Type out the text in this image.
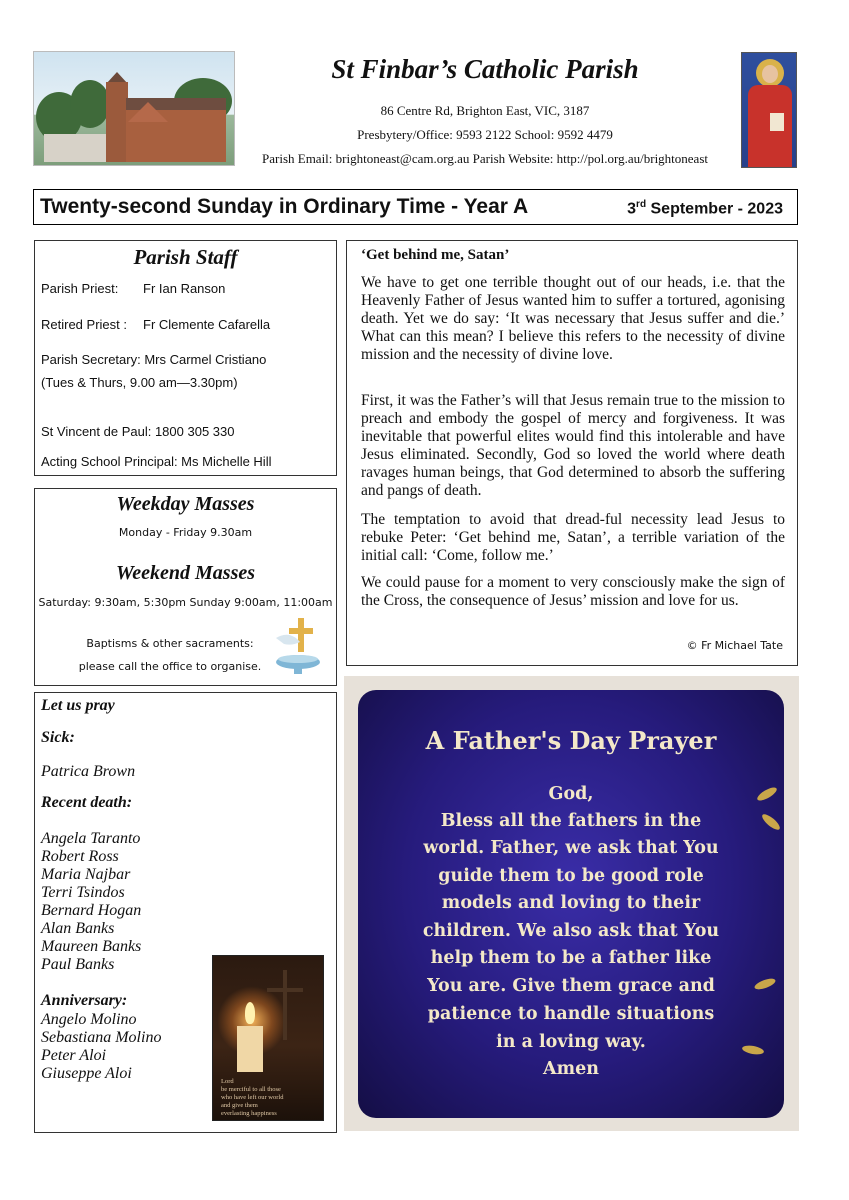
St Finbar’s Catholic Parish
86 Centre Rd, Brighton East, VIC, 3187
Presbytery/Office: 9593 2122 School: 9592 4479
Parish Email: brightoneast@cam.org.au Parish Website: http://pol.org.au/brightoneast
Twenty-second Sunday in Ordinary Time - Year A	3rd September - 2023
Parish Staff
Parish Priest: Fr Ian Ranson
Retired Priest : Fr Clemente Cafarella
Parish Secretary: Mrs Carmel Cristiano
(Tues & Thurs, 9.00 am—3.30pm)
St Vincent de Paul: 1800 305 330
Acting School Principal: Ms Michelle Hill
Weekday Masses
Monday - Friday 9.30am
Weekend Masses
Saturday: 9:30am, 5:30pm Sunday 9:00am, 11:00am
Baptisms & other sacraments:
please call the office to organise.
Let us pray
Sick:
Patrica Brown
Recent death:
Angela Taranto
Robert Ross
Maria Najbar
Terri Tsindos
Bernard Hogan
Alan Banks
Maureen Banks
Paul Banks
Anniversary:
Angelo Molino
Sebastiana Molino
Peter Aloi
Giuseppe Aloi	Lord
be merciful to all those
who have left our world
and give them
everlasting happiness
‘Get behind me, Satan’
We have to get one terrible thought out of our heads, i.e. that the Heavenly Father of Jesus wanted him to suffer a tortured, agonising death. Yet we do say: ‘It was necessary that Jesus suffer and die.’ What can this mean? I believe this refers to the necessity of divine mission and the necessity of divine love.
First, it was the Father’s will that Jesus remain true to the mission to preach and embody the gospel of mercy and forgiveness. It was inevitable that powerful elites would find this intolerable and have Jesus eliminated. Secondly, God so loved the world where death ravages human beings, that God determined to absorb the suffering and pangs of death.
The temptation to avoid that dread-ful necessity lead Jesus to rebuke Peter: ‘Get behind me, Satan’, a terrible variation of the initial call: ‘Come, follow me.’
We could pause for a moment to very consciously make the sign of the Cross, the consequence of Jesus’ mission and love for us.
© Fr Michael Tate
A Father's Day Prayer
God,
Bless all the fathers in the
world. Father, we ask that You
guide them to be good role
models and loving to their
children. We also ask that You
help them to be a father like
You are. Give them grace and
patience to handle situations
in a loving way.
Amen
